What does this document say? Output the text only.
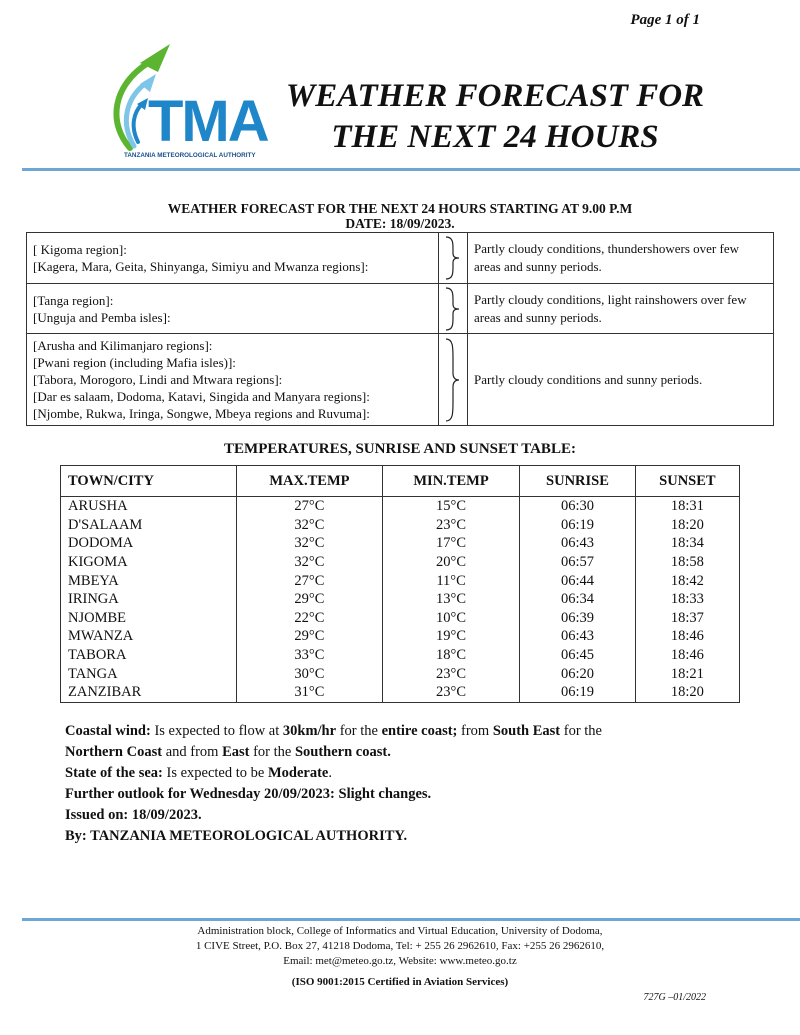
Page 1 of 1
TMA
TANZANIA METEOROLOGICAL AUTHORITY
WEATHER FORECAST FOR
THE NEXT 24 HOURS
WEATHER FORECAST FOR THE NEXT 24 HOURS STARTING AT 9.00 P.M
DATE: 18/09/2023.
[ Kigoma region]:
[Kagera, Mara, Geita, Shinyanga, Simiyu and Mwanza regions]:		Partly cloudy conditions, thundershowers over few areas and sunny periods.

[Tanga region]:
[Unguja and Pemba isles]:		Partly cloudy conditions, light rainshowers over few areas and sunny periods.

[Arusha and Kilimanjaro regions]:
[Pwani region (including Mafia isles)]:
[Tabora, Morogoro, Lindi and Mtwara regions]:
[Dar es salaam, Dodoma, Katavi, Singida and Manyara regions]:
[Njombe, Rukwa, Iringa, Songwe, Mbeya regions and Ruvuma]:		Partly cloudy conditions and sunny periods.
TEMPERATURES, SUNRISE AND SUNSET TABLE:
TOWN/CITY	MAX.TEMP	MIN.TEMP	SUNRISE	SUNSET
ARUSHA	27°C	15°C	06:30	18:31
D'SALAAM	32°C	23°C	06:19	18:20
DODOMA	32°C	17°C	06:43	18:34
KIGOMA	32°C	20°C	06:57	18:58
MBEYA	27°C	11°C	06:44	18:42
IRINGA	29°C	13°C	06:34	18:33
NJOMBE	22°C	10°C	06:39	18:37
MWANZA	29°C	19°C	06:43	18:46
TABORA	33°C	18°C	06:45	18:46
TANGA	30°C	23°C	06:20	18:21
ZANZIBAR	31°C	23°C	06:19	18:20
Coastal wind: Is expected to flow at 30km/hr for the entire coast; from South East for the
Northern Coast and from East for the Southern coast.
State of the sea: Is expected to be Moderate.
Further outlook for Wednesday 20/09/2023: Slight changes.
Issued on: 18/09/2023.
By: TANZANIA METEOROLOGICAL AUTHORITY.
Administration block, College of Informatics and Virtual Education, University of Dodoma,
1 CIVE Street, P.O. Box 27, 41218 Dodoma, Tel: + 255 26 2962610, Fax: +255 26 2962610,
Email: met@meteo.go.tz, Website: www.meteo.go.tz
(ISO 9001:2015 Certified in Aviation Services)
727G –01/2022
